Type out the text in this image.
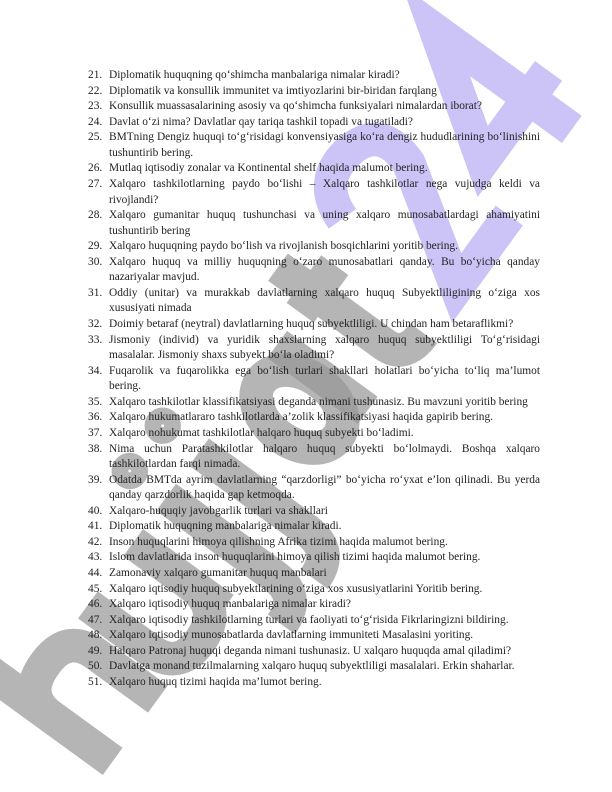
21. Diplomatik huquqning qo‘shimcha manbalariga nimalar kiradi?
22. Diplomatik va konsullik immunitet va imtiyozlarini bir-biridan farqlang
23. Konsullik muassasalarining asosiy va qo‘shimcha funksiyalari nimalardan iborat?
24. Davlat o‘zi nima? Davlatlar qay tariqa tashkil topadi va tugatiladi?
25. BMTning Dengiz huquqi to‘g‘risidagi konvensiyasiga ko‘ra dengiz hududlarining bo‘linishini tushuntirib bering.
26. Mutlaq iqtisodiy zonalar va Kontinental shelf haqida malumot bering.
27. Xalqaro tashkilotlarning paydo bo‘lishi – Xalqaro tashkilotlar nega vujudga keldi va rivojlandi?
28. Xalqaro gumanitar huquq tushunchasi va uning xalqaro munosabatlardagi ahamiyatini tushuntirib bering
29. Xalqaro huquqning paydo bo‘lish va rivojlanish bosqichlarini yoritib bering.
30. Xalqaro huquq va milliy huquqning o‘zaro munosabatlari qanday. Bu bo‘yicha qanday nazariyalar mavjud.
31. Oddiy (unitar) va murakkab davlatlarning xalqaro huquq Subyektliligining o‘ziga xos xususiyati nimada
32. Doimiy betaraf (neytral) davlatlarning huquq subyektliligi. U chindan ham betaraflikmi?
33. Jismoniy (individ) va yuridik shaxslarning xalqaro huquq subyektliligi To‘g‘risidagi masalalar. Jismoniy shaxs subyekt bo‘la oladimi?
34. Fuqarolik va fuqarolikka ega bo‘lish turlari shakllari holatlari bo‘yicha to‘liq ma’lumot bering.
35. Xalqaro tashkilotlar klassifikatsiyasi deganda nimani tushunasiz. Bu mavzuni yoritib bering
36. Xalqaro hukumatlararo tashkilotlarda a’zolik klassifikatsiyasi haqida gapirib bering.
37. Xalqaro nohukumat tashkilotlar halqaro huquq subyekti bo‘ladimi.
38. Nima uchun Paratashkilotlar halqaro huquq subyekti bo‘lolmaydi. Boshqa xalqaro tashkilotlardan farqi nimada.
39. Odatda BMTda ayrim davlatlarning “qarzdorligi” bo‘yicha ro‘yxat e’lon qilinadi. Bu yerda qanday qarzdorlik haqida gap ketmoqda.
40. Xalqaro-huquqiy javobgarlik turlari va shakllari
41. Diplomatik huquqning manbalariga nimalar kiradi.
42. Inson huquqlarini himoya qilishning Afrika tizimi haqida malumot bering.
43. Islom davlatlarida inson huquqlarini himoya qilish tizimi haqida malumot bering.
44. Zamonaviy xalqaro gumanitar huquq manbalari
45. Xalqaro iqtisodiy huquq subyektlarining o‘ziga xos xususiyatlarini Yoritib bering.
46. Xalqaro iqtisodiy huquq manbalariga nimalar kiradi?
47. Xalqaro iqtisodiy tashkilotlarning turlari va faoliyati to‘g‘risida Fikrlaringizni bildiring.
48. Xalqaro iqtisodiy munosabatlarda davlatlarning immuniteti Masalasini yoriting.
49. Halqaro Patronaj huquqi deganda nimani tushunasiz. U xalqaro huquqda amal qiladimi?
50. Davlatga monand tuzilmalarning xalqaro huquq subyektliligi masalalari. Erkin shaharlar.
51. Xalqaro huquq tizimi haqida ma’lumot bering.
